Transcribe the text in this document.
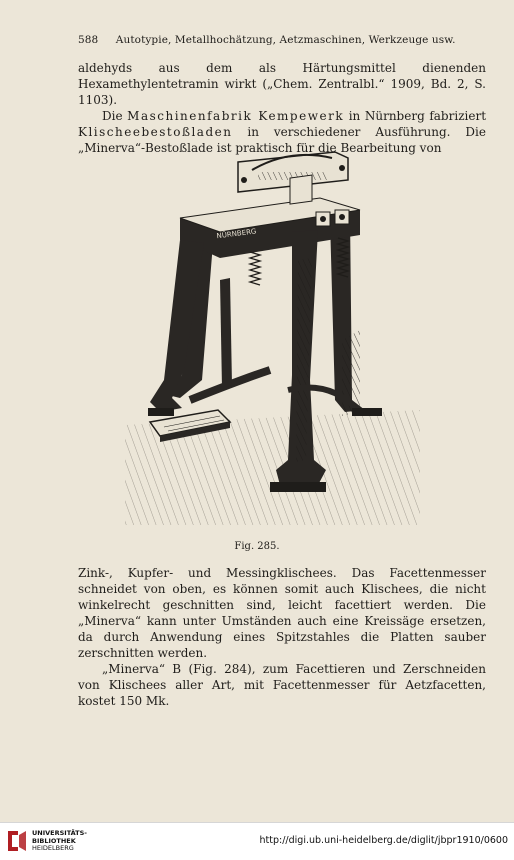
588 Autotypie, Metallhochätzung, Aetzmaschinen, Werkzeuge usw.

aldehyds aus dem als Härtungsmittel dienenden Hexamethylentetramin wirkt („Chem. Zentralbl.“ 1909, Bd. 2, S. 1103).

Die Maschinenfabrik Kempewerk in Nürnberg fabriziert Klischeebestoßladen in verschiedener Ausführung. Die „Minerva“-Bestoßlade ist praktisch für die Bearbeitung von

KEMPEWERK
NÜRNBERG
Fig. 285.

Zink-, Kupfer- und Messingklischees. Das Facettenmesser schneidet von oben, es können somit auch Klischees, die nicht winkelrecht geschnitten sind, leicht facettiert werden. Die „Minerva“ kann unter Umständen auch eine Kreissäge ersetzen, da durch Anwendung eines Spitzstahles die Platten sauber zerschnitten werden.

„Minerva“ B (Fig. 284), zum Facettieren und Zerschneiden von Klischees aller Art, mit Facettenmesser für Aetzfacetten, kostet 150 Mk.

UNIVERSITÄTS-
BIBLIOTHEK
HEIDELBERG
http://digi.ub.uni-heidelberg.de/diglit/jbpr1910/0600
